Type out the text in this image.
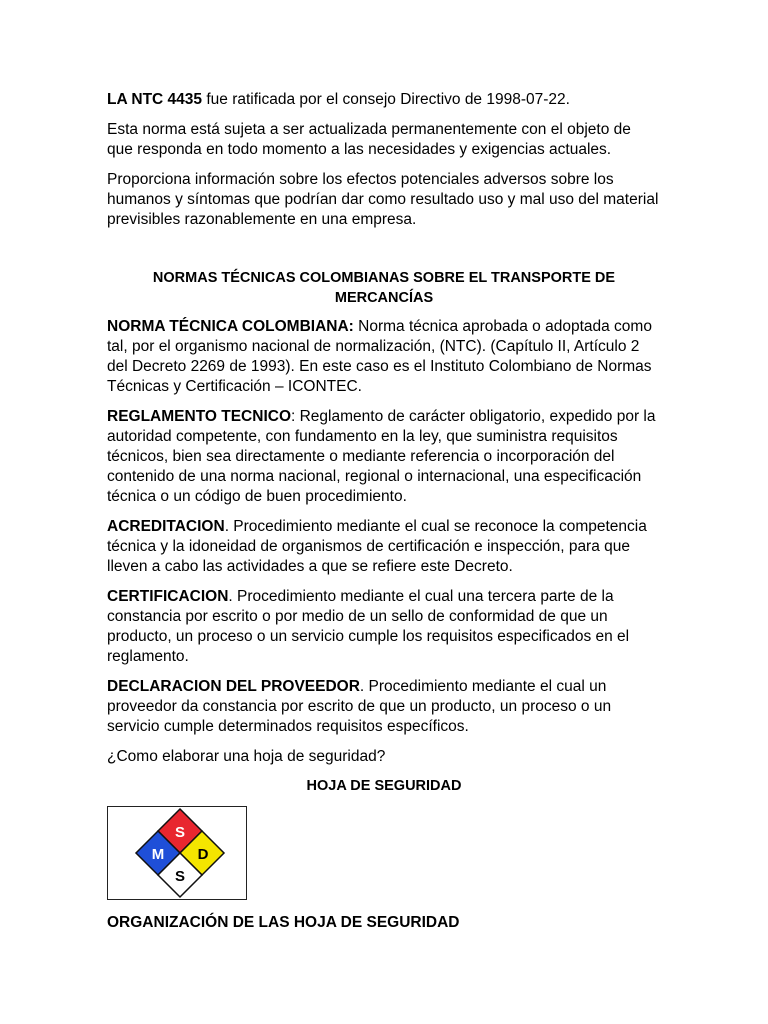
LA NTC 4435 fue ratificada por el consejo Directivo de 1998-07-22.

Esta norma está sujeta a ser actualizada permanentemente con el objeto de que responda en todo momento a las necesidades y exigencias actuales.

Proporciona información sobre los efectos potenciales adversos sobre los humanos y síntomas que podrían dar como resultado uso y mal uso del material previsibles razonablemente en una empresa.

NORMAS TÉCNICAS COLOMBIANAS SOBRE EL TRANSPORTE DE MERCANCÍAS

NORMA TÉCNICA COLOMBIANA: Norma técnica aprobada o adoptada como tal, por el organismo nacional de normalización, (NTC). (Capítulo II, Artículo 2 del Decreto 2269 de 1993). En este caso es el Instituto Colombiano de Normas Técnicas y Certificación – ICONTEC.

REGLAMENTO TECNICO: Reglamento de carácter obligatorio, expedido por la autoridad competente, con fundamento en la ley, que suministra requisitos técnicos, bien sea directamente o mediante referencia o incorporación del contenido de una norma nacional, regional o internacional, una especificación técnica o un código de buen procedimiento.

ACREDITACION. Procedimiento mediante el cual se reconoce la competencia técnica y la idoneidad de organismos de certificación e inspección, para que lleven a cabo las actividades a que se refiere este Decreto.

CERTIFICACION. Procedimiento mediante el cual una tercera parte de la constancia por escrito o por medio de un sello de conformidad de que un producto, un proceso o un servicio cumple los requisitos especificados en el reglamento.

DECLARACION DEL PROVEEDOR. Procedimiento mediante el cual un proveedor da constancia por escrito de que un producto, un proceso o un servicio cumple determinados requisitos específicos.

¿Como elaborar una hoja de seguridad?

HOJA DE SEGURIDAD
S
M D
S
ORGANIZACIÓN DE LAS HOJA DE SEGURIDAD
